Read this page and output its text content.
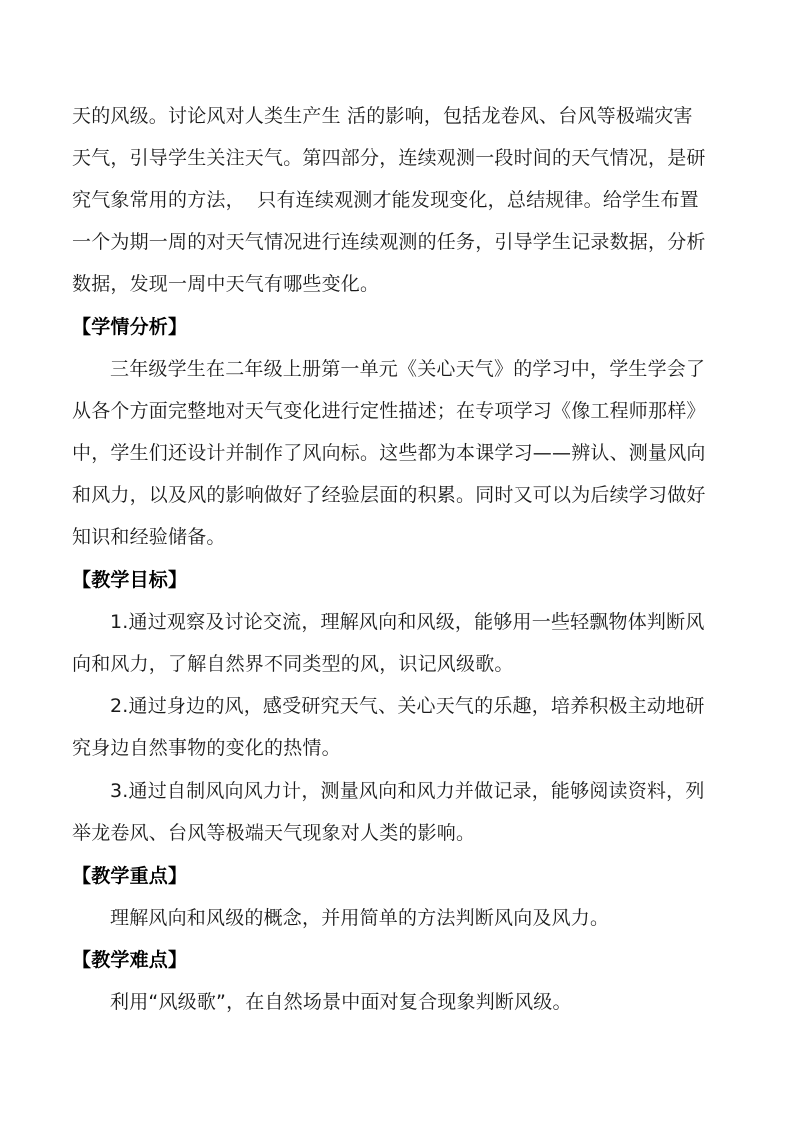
天的风级。讨论风对人类生产生 活的影响，包括龙卷风、台风等极端灾害
天气，引导学生关注天气。第四部分，连续观测一段时间的天气情况，是研
究气象常用的方法，  只有连续观测才能发现变化，总结规律。给学生布置
一个为期一周的对天气情况进行连续观测的任务，引导学生记录数据，分析
数据，发现一周中天气有哪些变化。
【学情分析】
三年级学生在二年级上册第一单元《关心天气》的学习中，学生学会了
从各个方面完整地对天气变化进行定性描述；在专项学习《像工程师那样》
中，学生们还设计并制作了风向标。这些都为本课学习——辨认、测量风向
和风力，以及风的影响做好了经验层面的积累。同时又可以为后续学习做好
知识和经验储备。
【教学目标】
1.通过观察及讨论交流，理解风向和风级，能够用一些轻飘物体判断风
向和风力，了解自然界不同类型的风，识记风级歌。
2.通过身边的风，感受研究天气、关心天气的乐趣，培养积极主动地研
究身边自然事物的变化的热情。
3.通过自制风向风力计，测量风向和风力并做记录，能够阅读资料，列
举龙卷风、台风等极端天气现象对人类的影响。
【教学重点】
理解风向和风级的概念，并用简单的方法判断风向及风力。
【教学难点】
利用“风级歌”，在自然场景中面对复合现象判断风级。
